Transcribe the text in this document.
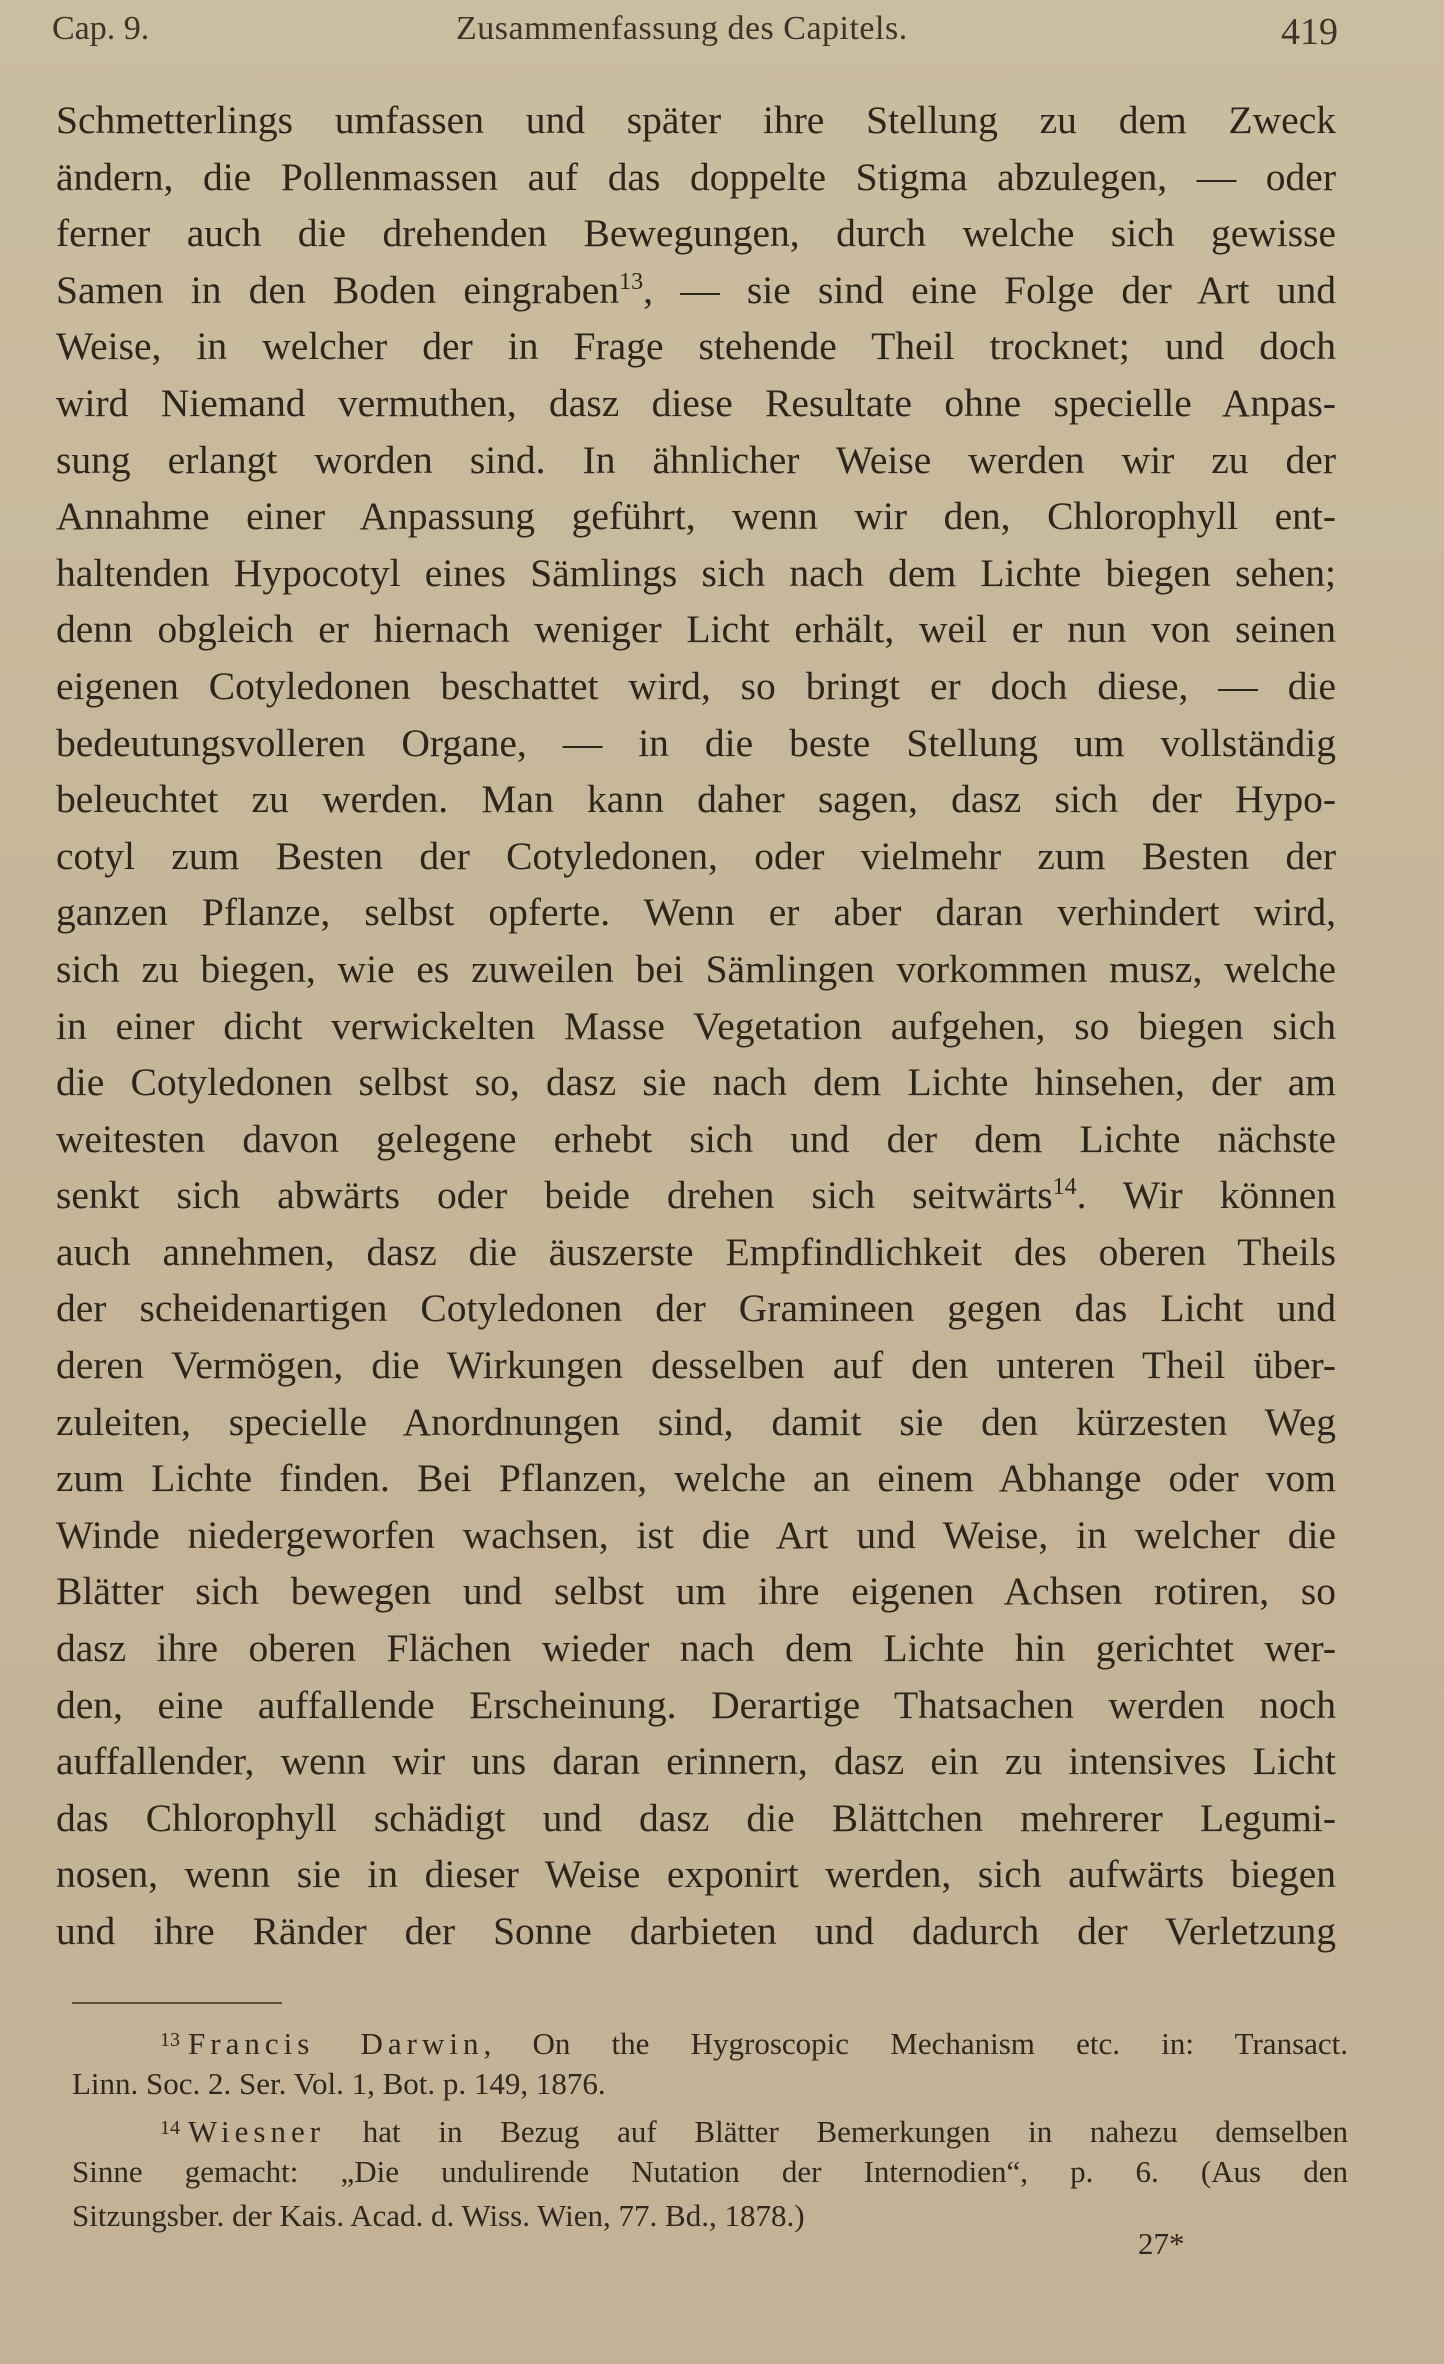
Cap. 9.	Zusammenfassung des Capitels.	419
Schmetterlings umfassen und später ihre Stellung zu dem Zweck
ändern, die Pollenmassen auf das doppelte Stigma abzulegen, — oder
ferner auch die drehenden Bewegungen, durch welche sich gewisse
Samen in den Boden eingraben$^{13}$, — sie sind eine Folge der Art und
Weise, in welcher der in Frage stehende Theil trocknet; und doch
wird Niemand vermuthen, dasz diese Resultate ohne specielle Anpas-
sung erlangt worden sind. In ähnlicher Weise werden wir zu der
Annahme einer Anpassung geführt, wenn wir den, Chlorophyll ent-
haltenden Hypocotyl eines Sämlings sich nach dem Lichte biegen sehen;
denn obgleich er hiernach weniger Licht erhält, weil er nun von seinen
eigenen Cotyledonen beschattet wird, so bringt er doch diese, — die
bedeutungsvolleren Organe, — in die beste Stellung um vollständig
beleuchtet zu werden. Man kann daher sagen, dasz sich der Hypo-
cotyl zum Besten der Cotyledonen, oder vielmehr zum Besten der
ganzen Pflanze, selbst opferte. Wenn er aber daran verhindert wird,
sich zu biegen, wie es zuweilen bei Sämlingen vorkommen musz, welche
in einer dicht verwickelten Masse Vegetation aufgehen, so biegen sich
die Cotyledonen selbst so, dasz sie nach dem Lichte hinsehen, der am
weitesten davon gelegene erhebt sich und der dem Lichte nächste
senkt sich abwärts oder beide drehen sich seitwärts$^{14}$. Wir können
auch annehmen, dasz die äuszerste Empfindlichkeit des oberen Theils
der scheidenartigen Cotyledonen der Gramineen gegen das Licht und
deren Vermögen, die Wirkungen desselben auf den unteren Theil über-
zuleiten, specielle Anordnungen sind, damit sie den kürzesten Weg
zum Lichte finden. Bei Pflanzen, welche an einem Abhange oder vom
Winde niedergeworfen wachsen, ist die Art und Weise, in welcher die
Blätter sich bewegen und selbst um ihre eigenen Achsen rotiren, so
dasz ihre oberen Flächen wieder nach dem Lichte hin gerichtet wer-
den, eine auffallende Erscheinung. Derartige Thatsachen werden noch
auffallender, wenn wir uns daran erinnern, dasz ein zu intensives Licht
das Chlorophyll schädigt und dasz die Blättchen mehrerer Legumi-
nosen, wenn sie in dieser Weise exponirt werden, sich aufwärts biegen
und ihre Ränder der Sonne darbieten und dadurch der Verletzung
$^{13}$ Francis Darwin, On the Hygroscopic Mechanism etc. in: Transact.
Linn. Soc. 2. Ser. Vol. 1, Bot. p. 149, 1876.
$^{14}$ Wiesner hat in Bezug auf Blätter Bemerkungen in nahezu demselben
Sinne gemacht: „Die undulirende Nutation der Internodien“, p. 6. (Aus den
Sitzungsber. der Kais. Acad. d. Wiss. Wien, 77. Bd., 1878.)
27*
